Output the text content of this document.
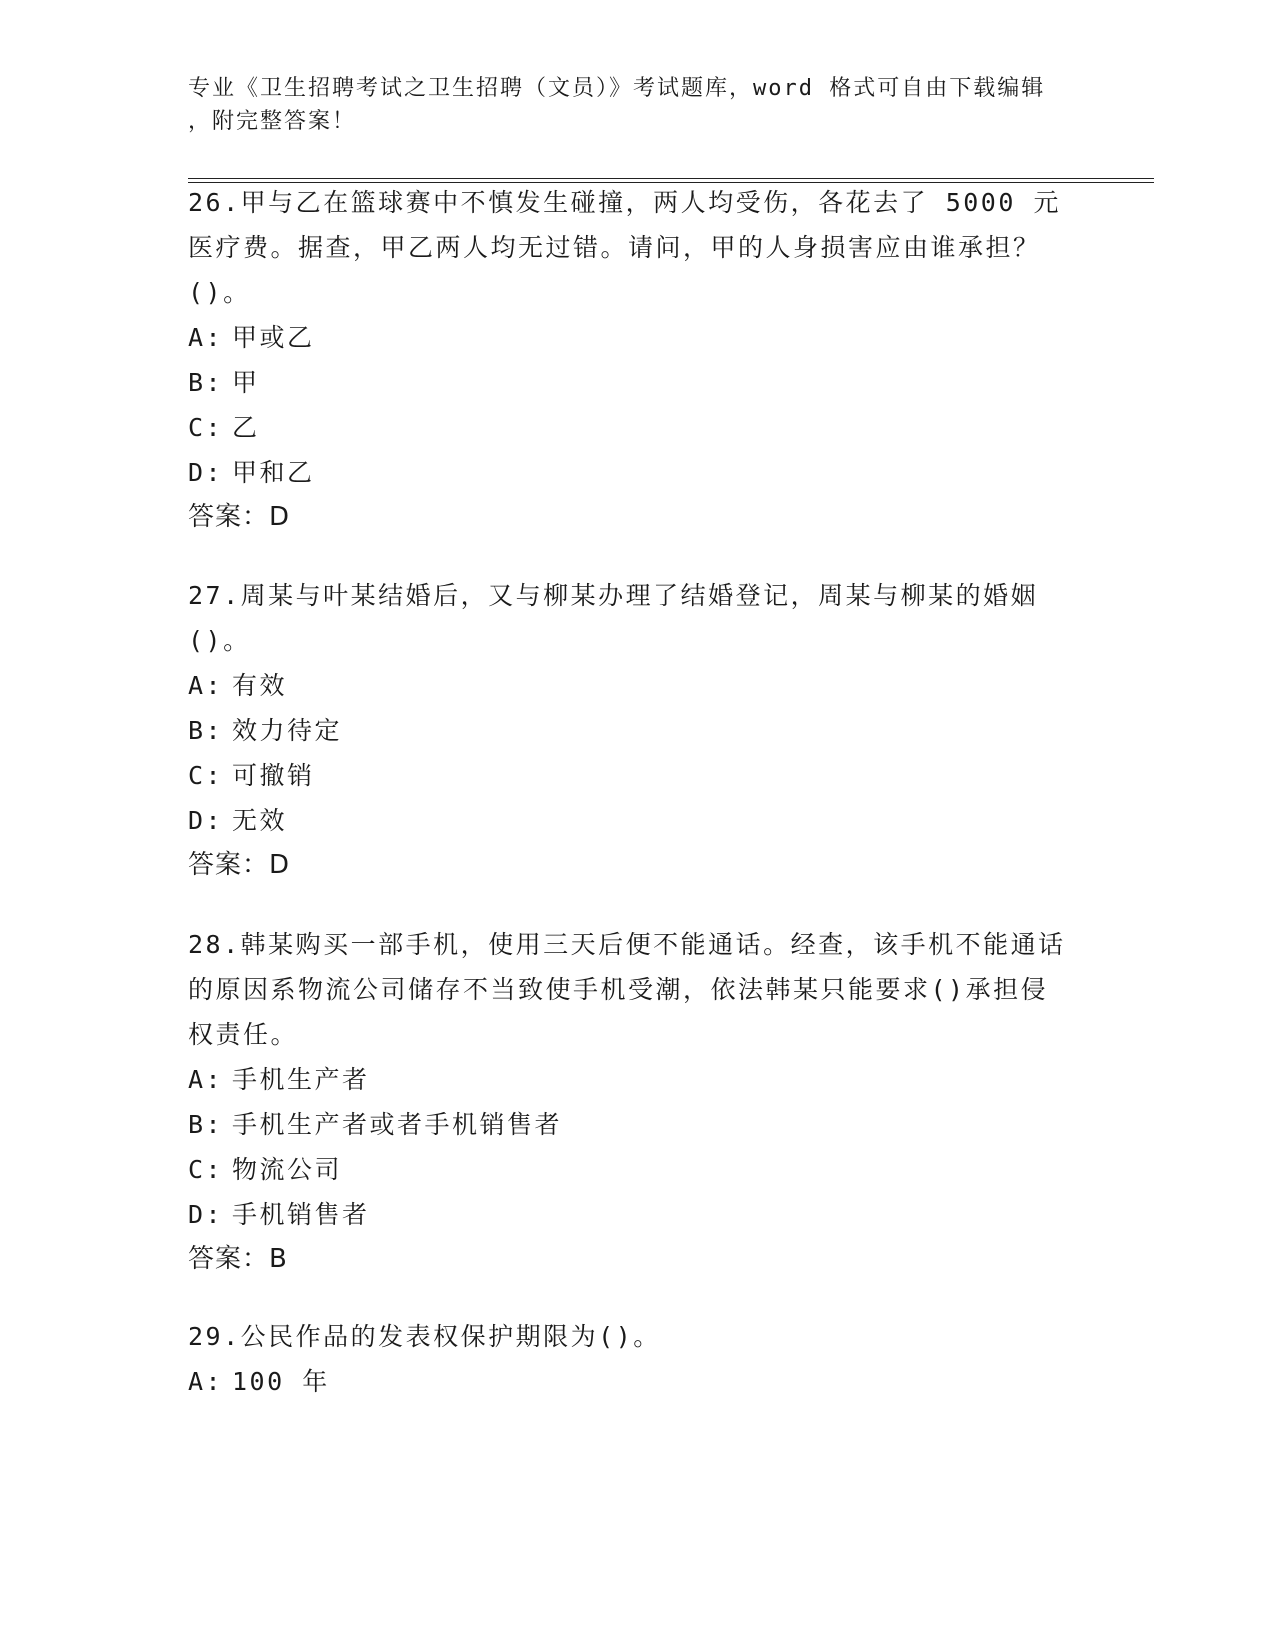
专业《卫生招聘考试之卫生招聘（文员）》考试题库，word 格式可自由下载编辑
，附完整答案！

26.甲与乙在篮球赛中不慎发生碰撞，两人均受伤，各花去了 5000 元医疗费。据查，甲乙两人均无过错。请问，甲的人身损害应由谁承担？()。

A: 甲或乙
B: 甲
C: 乙
D: 甲和乙
答案：D

27.周某与叶某结婚后，又与柳某办理了结婚登记，周某与柳某的婚姻()。

A: 有效
B: 效力待定
C: 可撤销
D: 无效
答案：D

28.韩某购买一部手机，使用三天后便不能通话。经查，该手机不能通话的原因系物流公司储存不当致使手机受潮，依法韩某只能要求()承担侵权责任。

A: 手机生产者
B: 手机生产者或者手机销售者
C: 物流公司
D: 手机销售者
答案：B

29.公民作品的发表权保护期限为()。

A: 100 年
